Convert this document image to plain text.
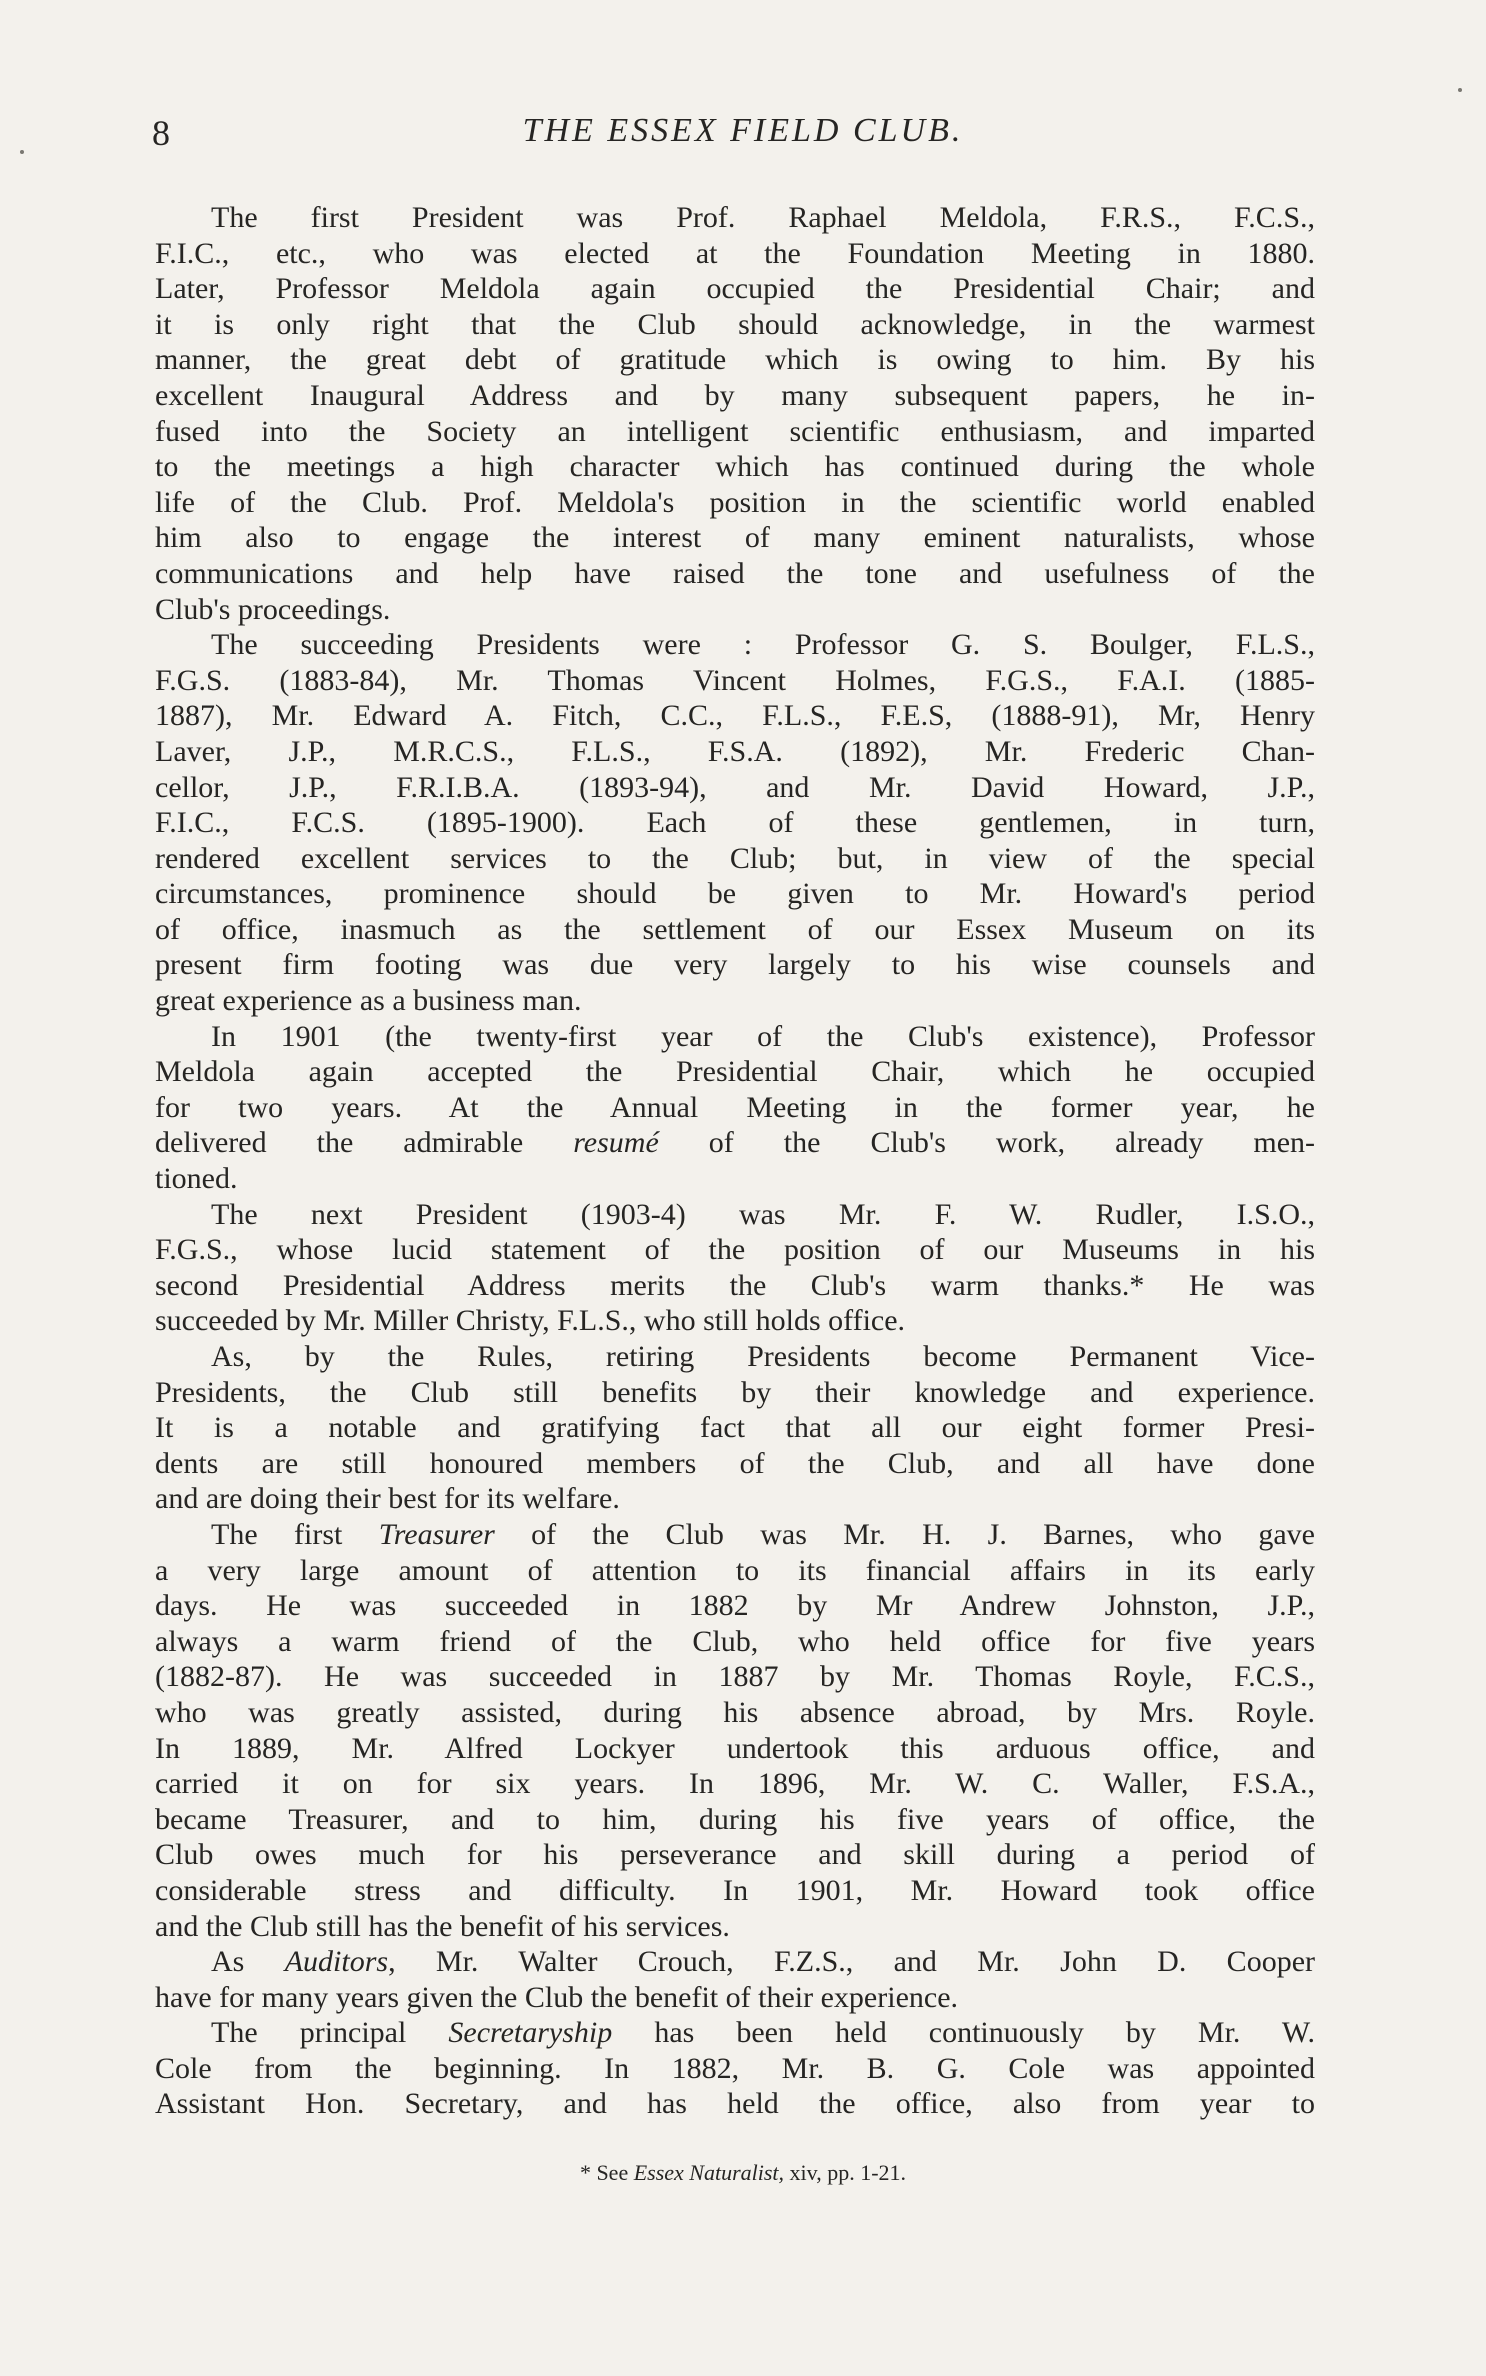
8	THE ESSEX FIELD CLUB.
The first President was Prof. Raphael Meldola, F.R.S., F.C.S.,
F.I.C., etc., who was elected at the Foundation Meeting in 1880.
Later, Professor Meldola again occupied the Presidential Chair; and
it is only right that the Club should acknowledge, in the warmest
manner, the great debt of gratitude which is owing to him. By his
excellent Inaugural Address and by many subsequent papers, he in-
fused into the Society an intelligent scientific enthusiasm, and imparted
to the meetings a high character which has continued during the whole
life of the Club. Prof. Meldola's position in the scientific world enabled
him also to engage the interest of many eminent naturalists, whose
communications and help have raised the tone and usefulness of the
Club's proceedings.
The succeeding Presidents were : Professor G. S. Boulger, F.L.S.,
F.G.S. (1883-84), Mr. Thomas Vincent Holmes, F.G.S., F.A.I. (1885-
1887), Mr. Edward A. Fitch, C.C., F.L.S., F.E.S, (1888-91), Mr, Henry
Laver, J.P., M.R.C.S., F.L.S., F.S.A. (1892), Mr. Frederic Chan-
cellor, J.P., F.R.I.B.A. (1893-94), and Mr. David Howard, J.P.,
F.I.C., F.C.S. (1895-1900). Each of these gentlemen, in turn,
rendered excellent services to the Club; but, in view of the special
circumstances, prominence should be given to Mr. Howard's period
of office, inasmuch as the settlement of our Essex Museum on its
present firm footing was due very largely to his wise counsels and
great experience as a business man.
In 1901 (the twenty-first year of the Club's existence), Professor
Meldola again accepted the Presidential Chair, which he occupied
for two years. At the Annual Meeting in the former year, he
delivered the admirable resumé of the Club's work, already men-
tioned.
The next President (1903-4) was Mr. F. W. Rudler, I.S.O.,
F.G.S., whose lucid statement of the position of our Museums in his
second Presidential Address merits the Club's warm thanks.* He was
succeeded by Mr. Miller Christy, F.L.S., who still holds office.
As, by the Rules, retiring Presidents become Permanent Vice-
Presidents, the Club still benefits by their knowledge and experience.
It is a notable and gratifying fact that all our eight former Presi-
dents are still honoured members of the Club, and all have done
and are doing their best for its welfare.
The first Treasurer of the Club was Mr. H. J. Barnes, who gave
a very large amount of attention to its financial affairs in its early
days. He was succeeded in 1882 by Mr Andrew Johnston, J.P.,
always a warm friend of the Club, who held office for five years
(1882-87). He was succeeded in 1887 by Mr. Thomas Royle, F.C.S.,
who was greatly assisted, during his absence abroad, by Mrs. Royle.
In 1889, Mr. Alfred Lockyer undertook this arduous office, and
carried it on for six years. In 1896, Mr. W. C. Waller, F.S.A.,
became Treasurer, and to him, during his five years of office, the
Club owes much for his perseverance and skill during a period of
considerable stress and difficulty. In 1901, Mr. Howard took office
and the Club still has the benefit of his services.
As Auditors, Mr. Walter Crouch, F.Z.S., and Mr. John D. Cooper
have for many years given the Club the benefit of their experience.
The principal Secretaryship has been held continuously by Mr. W.
Cole from the beginning. In 1882, Mr. B. G. Cole was appointed
Assistant Hon. Secretary, and has held the office, also from year to
* See Essex Naturalist, xiv, pp. 1-21.
